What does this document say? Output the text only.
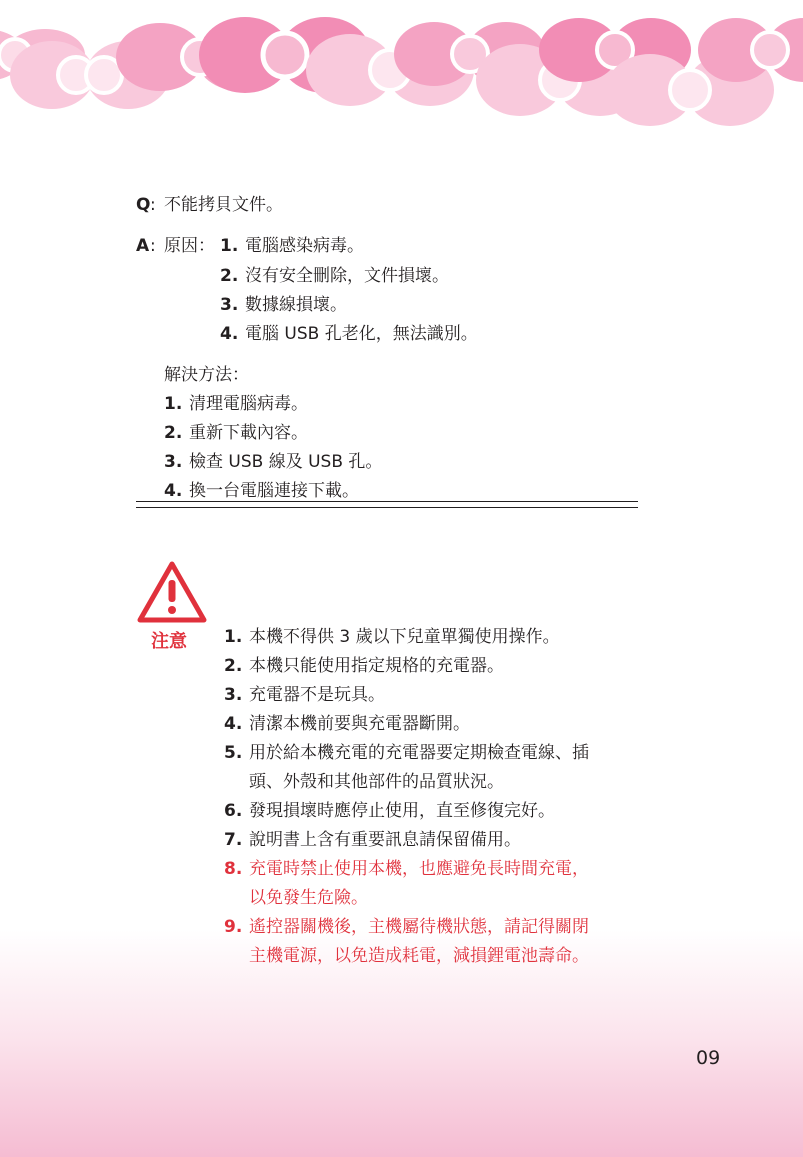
Q : 不能拷貝文件。
A : 原因： 1. 電腦感染病毒。
2. 沒有安全刪除，文件損壞。
3. 數據線損壞。
4. 電腦 USB 孔老化，無法識別。
解決方法：
1. 清理電腦病毒。
2. 重新下載內容。
3. 檢查 USB 線及 USB 孔。
4. 換一台電腦連接下載。
注意 1. 本機不得供 3 歲以下兒童單獨使用操作。
2. 本機只能使用指定規格的充電器。
3. 充電器不是玩具。
4. 清潔本機前要與充電器斷開。
5. 用於給本機充電的充電器要定期檢查電線、插
頭、外殼和其他部件的品質狀況。
6. 發現損壞時應停止使用，直至修復完好。
7. 說明書上含有重要訊息請保留備用。
8. 充電時禁止使用本機，也應避免長時間充電，
以免發生危險。
9. 遙控器關機後，主機屬待機狀態，請記得關閉
主機電源，以免造成耗電，減損鋰電池壽命。
09
